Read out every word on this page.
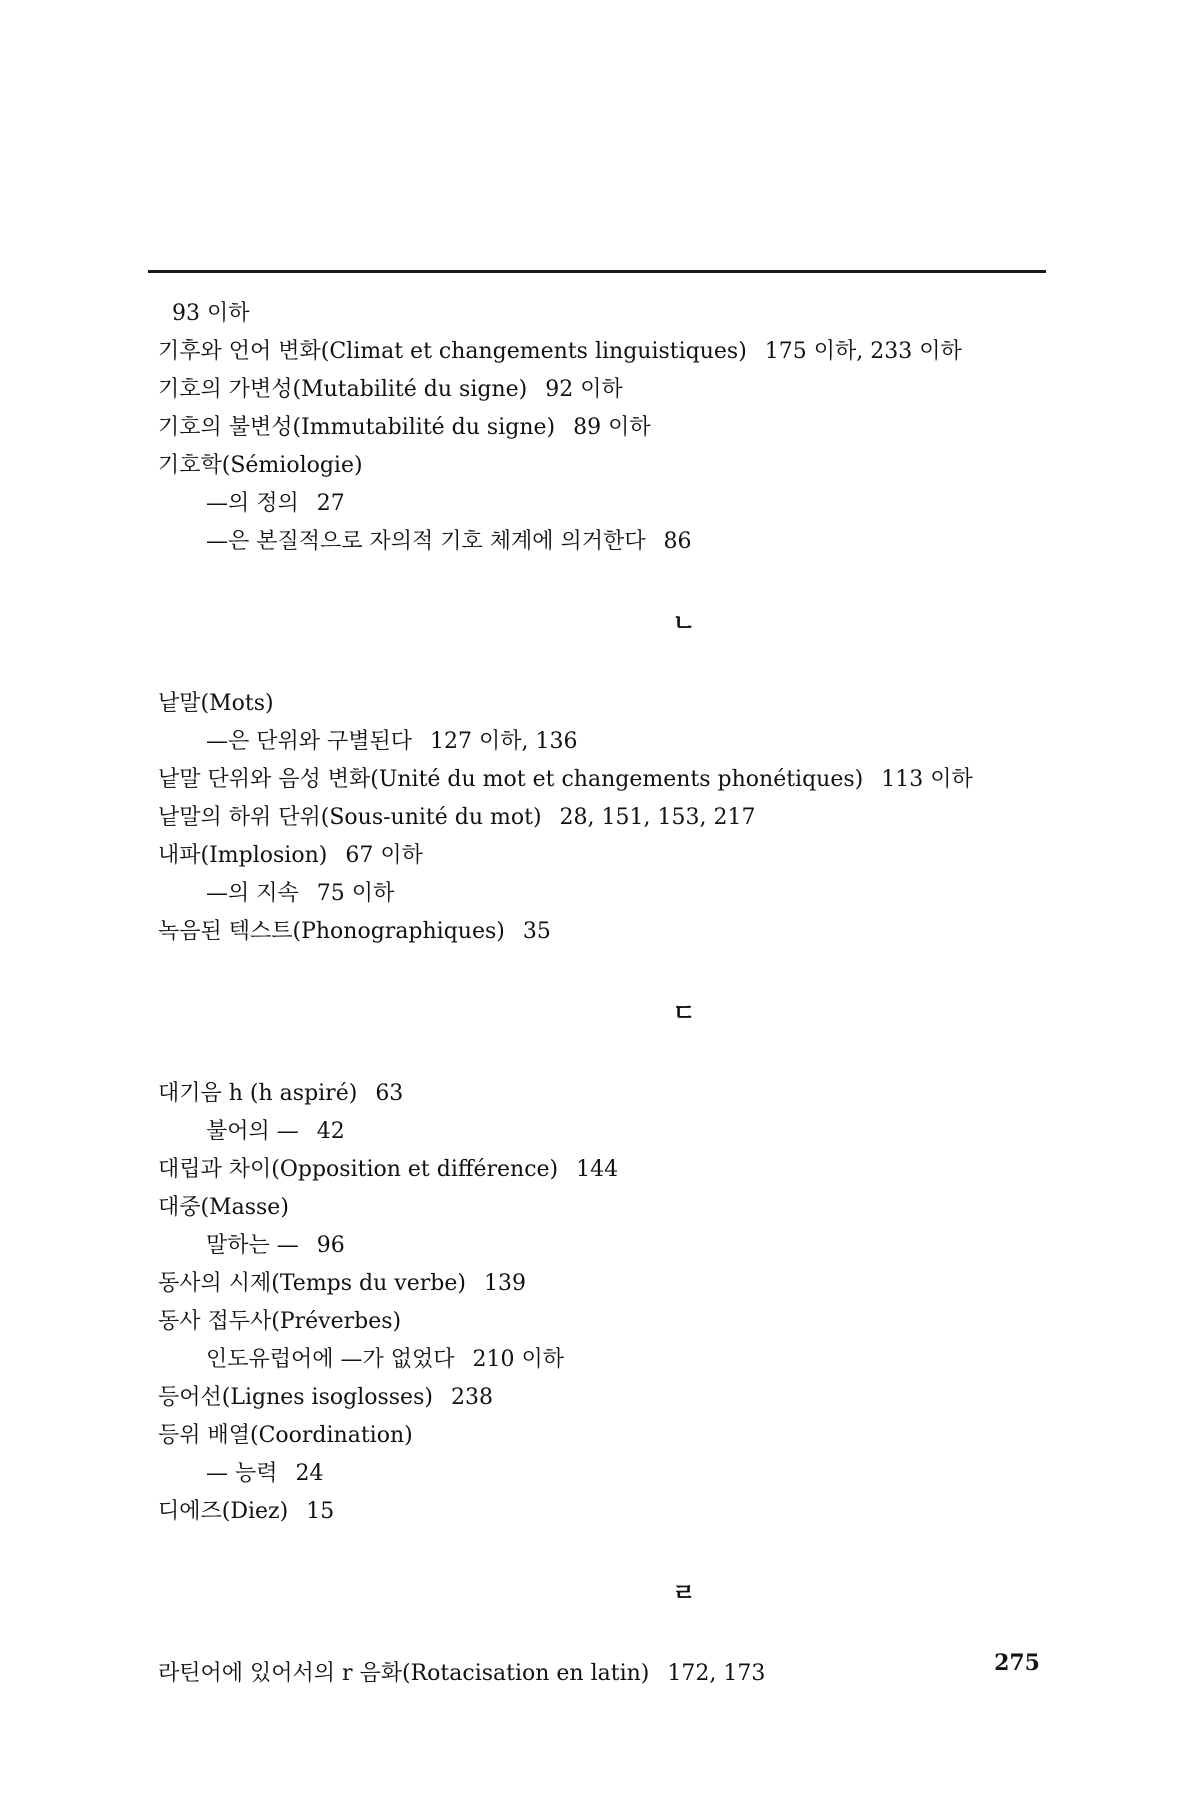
93 이하
기후와 언어 변화(Climat et changements linguistiques) 175 이하, 233 이하
기호의 가변성(Mutabilité du signe) 92 이하
기호의 불변성(Immutabilité du signe) 89 이하
기호학(Sémiologie)
—의 정의 27
—은 본질적으로 자의적 기호 체계에 의거한다 86
ㄴ
낱말(Mots)
—은 단위와 구별된다 127 이하, 136
낱말 단위와 음성 변화(Unité du mot et changements phonétiques) 113 이하
낱말의 하위 단위(Sous-unité du mot) 28, 151, 153, 217
내파(Implosion) 67 이하
—의 지속 75 이하
녹음된 텍스트(Phonographiques) 35
ㄷ
대기음 h (h aspiré) 63
불어의 — 42
대립과 차이(Opposition et différence) 144
대중(Masse)
말하는 — 96
동사의 시제(Temps du verbe) 139
동사 접두사(Préverbes)
인도유럽어에 —가 없었다 210 이하
등어선(Lignes isoglosses) 238
등위 배열(Coordination)
— 능력 24
디에즈(Diez) 15
ㄹ
라틴어에 있어서의 r 음화(Rotacisation en latin) 172, 173	275
